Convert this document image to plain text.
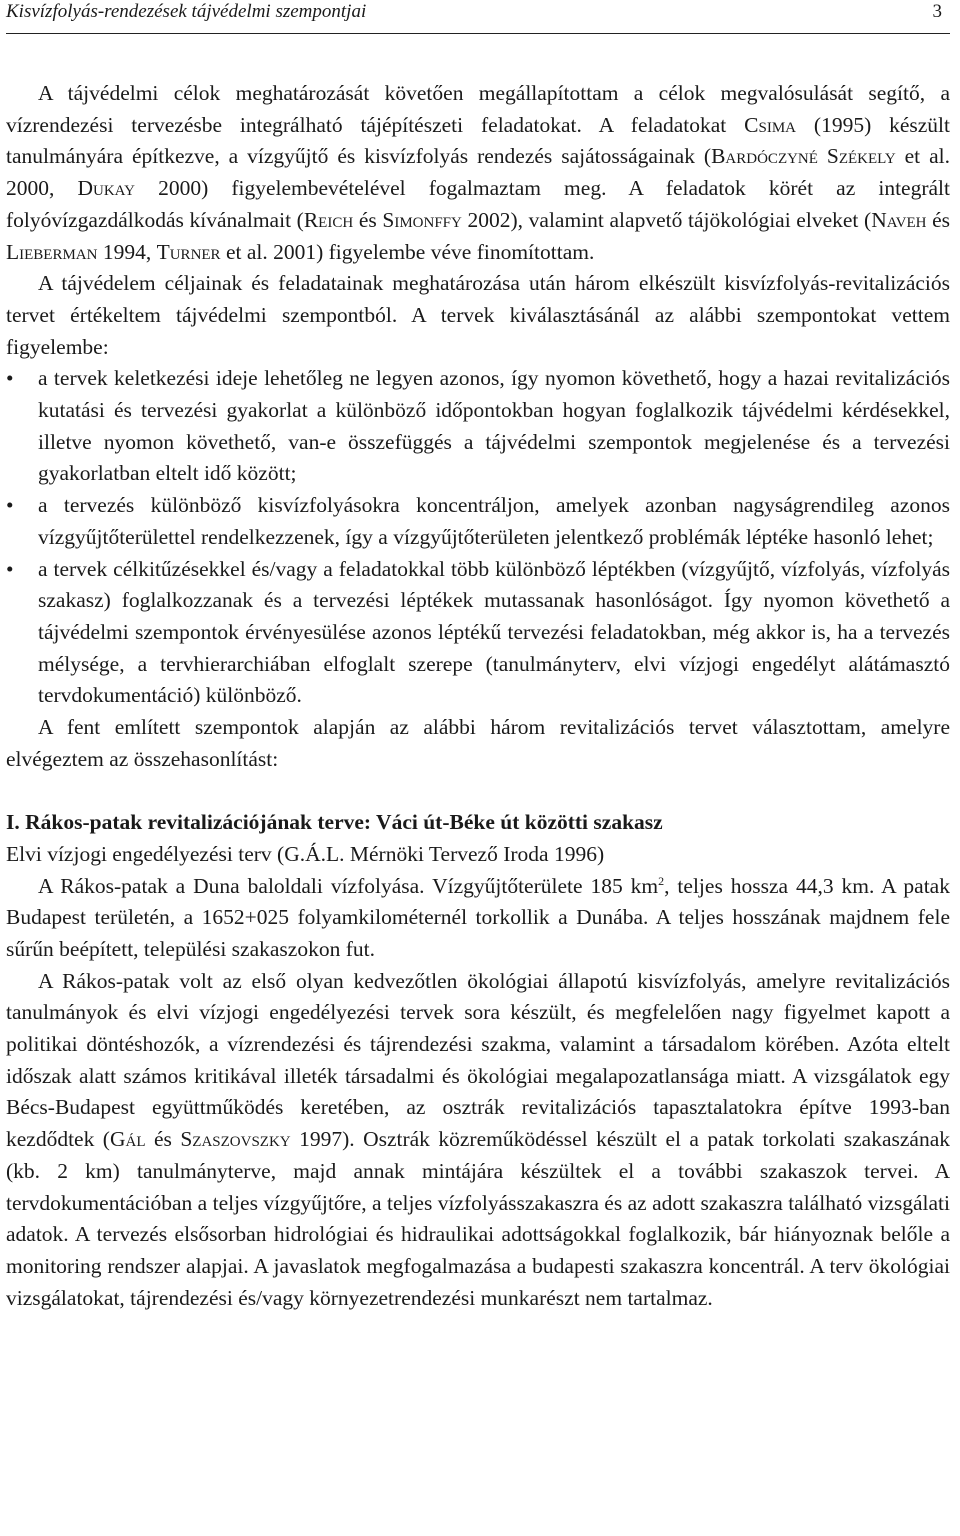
Kisvízfolyás-rendezések tájvédelmi szempontjai	3

A tájvédelmi célok meghatározását követően megállapítottam a célok megvalósulását segítő, a vízrendezési tervezésbe integrálható tájépítészeti feladatokat. A feladatokat Csima (1995) készült tanulmányára építkezve, a vízgyűjtő és kisvízfolyás rendezés sajátosságainak (Bardóczyné Székely et al. 2000, Dukay 2000) figyelembevételével fogalmaztam meg. A feladatok körét az integrált folyóvízgazdálkodás kívánalmait (Reich és Simonffy 2002), valamint alapvető tájökológiai elveket (Naveh és Lieberman 1994, Turner et al. 2001) figyelembe véve finomítottam.

A tájvédelem céljainak és feladatainak meghatározása után három elkészült kisvízfolyás-revitalizációs tervet értékeltem tájvédelmi szempontból. A tervek kiválasztásánál az alábbi szempontokat vettem figyelembe:

• a tervek keletkezési ideje lehetőleg ne legyen azonos, így nyomon követhető, hogy a hazai revitalizációs kutatási és tervezési gyakorlat a különböző időpontokban hogyan foglalkozik tájvédelmi kérdésekkel, illetve nyomon követhető, van-e összefüggés a tájvédelmi szempontok megjelenése és a tervezési gyakorlatban eltelt idő között;
• a tervezés különböző kisvízfolyásokra koncentráljon, amelyek azonban nagyságrendileg azonos vízgyűjtőterülettel rendelkezzenek, így a vízgyűjtőterületen jelentkező problémák léptéke hasonló lehet;
• a tervek célkitűzésekkel és/vagy a feladatokkal több különböző léptékben (vízgyűjtő, vízfolyás, vízfolyás szakasz) foglalkozzanak és a tervezési léptékek mutassanak hasonlóságot. Így nyomon követhető a tájvédelmi szempontok érvényesülése azonos léptékű tervezési feladatokban, még akkor is, ha a tervezés mélysége, a tervhierarchiában elfoglalt szerepe (tanulmányterv, elvi vízjogi engedélyt alátámasztó tervdokumentáció) különböző.

A fent említett szempontok alapján az alábbi három revitalizációs tervet választottam, amelyre elvégeztem az összehasonlítást:

I. Rákos-patak revitalizációjának terve: Váci út-Béke út közötti szakasz

Elvi vízjogi engedélyezési terv (G.Á.L. Mérnöki Tervező Iroda 1996)

A Rákos-patak a Duna baloldali vízfolyása. Vízgyűjtőterülete 185 $km^2$, teljes hossza 44,3 km. A patak Budapest területén, a 1652+025 folyamkilométernél torkollik a Dunába. A teljes hosszának majdnem fele sűrűn beépített, települési szakaszokon fut.

A Rákos-patak volt az első olyan kedvezőtlen ökológiai állapotú kisvízfolyás, amelyre revitalizációs tanulmányok és elvi vízjogi engedélyezési tervek sora készült, és megfelelően nagy figyelmet kapott a politikai döntéshozók, a vízrendezési és tájrendezési szakma, valamint a társadalom körében. Azóta eltelt időszak alatt számos kritikával illeték társadalmi és ökológiai megalapozatlansága miatt. A vizsgálatok egy Bécs-Budapest együttműködés keretében, az osztrák revitalizációs tapasztalatokra építve 1993-ban kezdődtek (Gál és Szaszovszky 1997). Osztrák közreműködéssel készült el a patak torkolati szakaszának (kb. 2 km) tanulmányterve, majd annak mintájára készültek el a további szakaszok tervei. A tervdokumentációban a teljes vízgyűjtőre, a teljes vízfolyásszakaszra és az adott szakaszra található vizsgálati adatok. A tervezés elsősorban hidrológiai és hidraulikai adottságokkal foglalkozik, bár hiányoznak belőle a monitoring rendszer alapjai. A javaslatok megfogalmazása a budapesti szakaszra koncentrál. A terv ökológiai vizsgálatokat, tájrendezési és/vagy környezetrendezési munkarészt nem tartalmaz.
